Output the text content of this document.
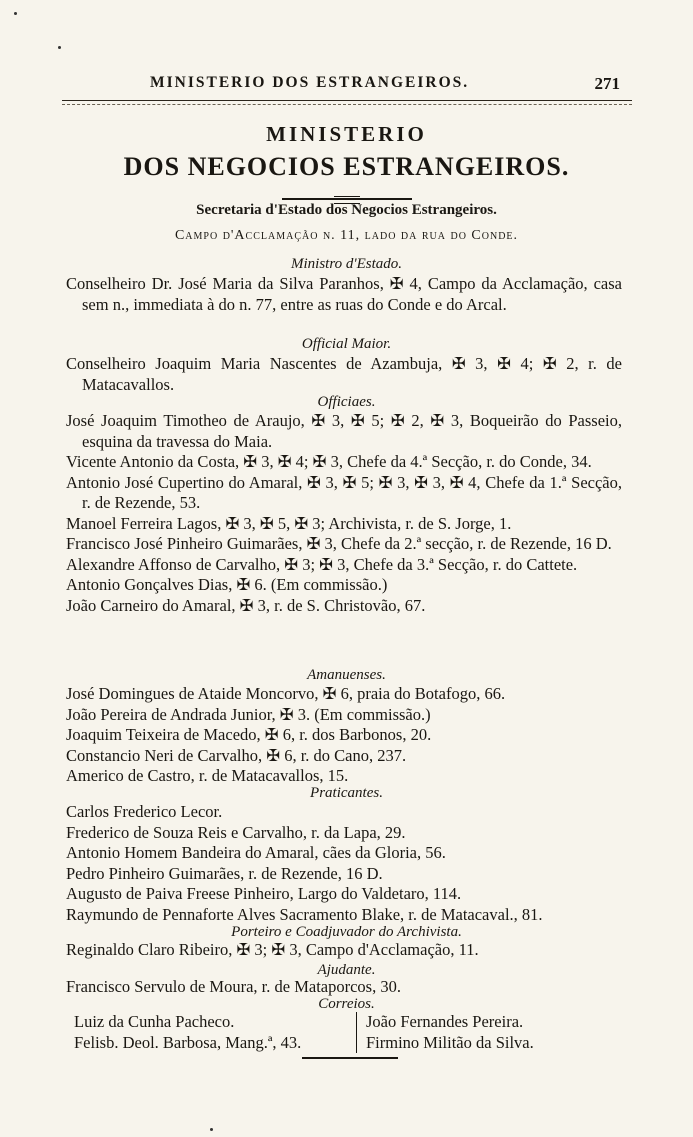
MINISTERIO DOS ESTRANGEIROS.	271
MINISTERIO
DOS NEGOCIOS ESTRANGEIROS.
Secretaria d'Estado dos Negocios Estrangeiros.
Campo d'Acclamação n. 11, lado da rua do Conde.
Ministro d'Estado.
Conselheiro Dr. José Maria da Silva Paranhos, ✠ 4, Campo da Acclamação, casa sem n., immediata à do n. 77, entre as ruas do Conde e do Arcal.
Official Maior.
Conselheiro Joaquim Maria Nascentes de Azambuja, ✠ 3, ✠ 4; ✠ 2, r. de Matacavallos.
Officiaes.
José Joaquim Timotheo de Araujo, ✠ 3, ✠ 5; ✠ 2, ✠ 3, Boqueirão do Passeio, esquina da travessa do Maia.
Vicente Antonio da Costa, ✠ 3, ✠ 4; ✠ 3, Chefe da 4.ª Secção, r. do Conde, 34.
Antonio José Cupertino do Amaral, ✠ 3, ✠ 5; ✠ 3, ✠ 3, ✠ 4, Chefe da 1.ª Secção, r. de Rezende, 53.
Manoel Ferreira Lagos, ✠ 3, ✠ 5, ✠ 3; Archivista, r. de S. Jorge, 1.
Francisco José Pinheiro Guimarães, ✠ 3, Chefe da 2.ª secção, r. de Rezende, 16 D.
Alexandre Affonso de Carvalho, ✠ 3; ✠ 3, Chefe da 3.ª Secção, r. do Cattete.
Antonio Gonçalves Dias, ✠ 6. (Em commissão.)
João Carneiro do Amaral, ✠ 3, r. de S. Christovão, 67.
Amanuenses.
José Domingues de Ataide Moncorvo, ✠ 6, praia do Botafogo, 66.
João Pereira de Andrada Junior, ✠ 3. (Em commissão.)
Joaquim Teixeira de Macedo, ✠ 6, r. dos Barbonos, 20.
Constancio Neri de Carvalho, ✠ 6, r. do Cano, 237.
Americo de Castro, r. de Matacavallos, 15.
Praticantes.
Carlos Frederico Lecor.
Frederico de Souza Reis e Carvalho, r. da Lapa, 29.
Antonio Homem Bandeira do Amaral, cães da Gloria, 56.
Pedro Pinheiro Guimarães, r. de Rezende, 16 D.
Augusto de Paiva Freese Pinheiro, Largo do Valdetaro, 114.
Raymundo de Pennaforte Alves Sacramento Blake, r. de Matacaval., 81.
Porteiro e Coadjuvador do Archivista.
Reginaldo Claro Ribeiro, ✠ 3; ✠ 3, Campo d'Acclamação, 11.
Ajudante.
Francisco Servulo de Moura, r. de Mataporcos, 30.
Correios.
Luiz da Cunha Pacheco.
Felisb. Deol. Barbosa, Mang.ª, 43.
João Fernandes Pereira.
Firmino Militão da Silva.
